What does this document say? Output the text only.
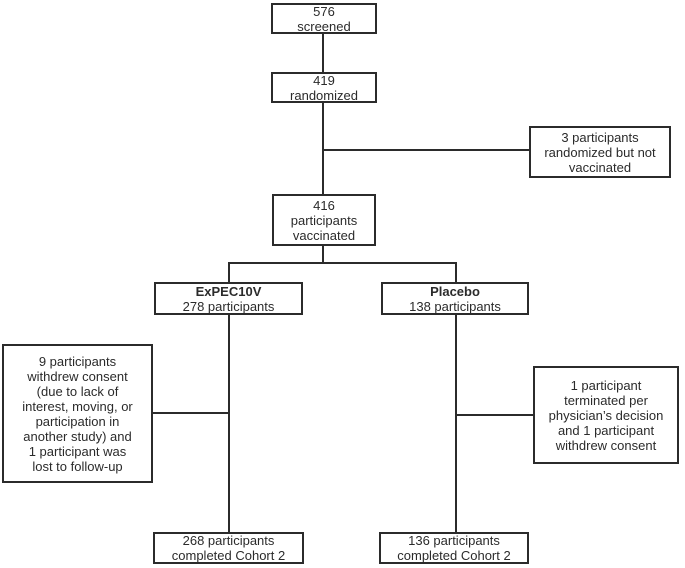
576
screened
419
randomized
3 participants
randomized but not
vaccinated
416
participants
vaccinated
ExPEC10V
278 participants
Placebo
138 participants
9 participants
withdrew consent
(due to lack of
interest, moving, or
participation in
another study) and
1 participant was
lost to follow-up
1 participant
terminated per
physician’s decision
and 1 participant
withdrew consent
268 participants
completed Cohort 2
136 participants
completed Cohort 2
